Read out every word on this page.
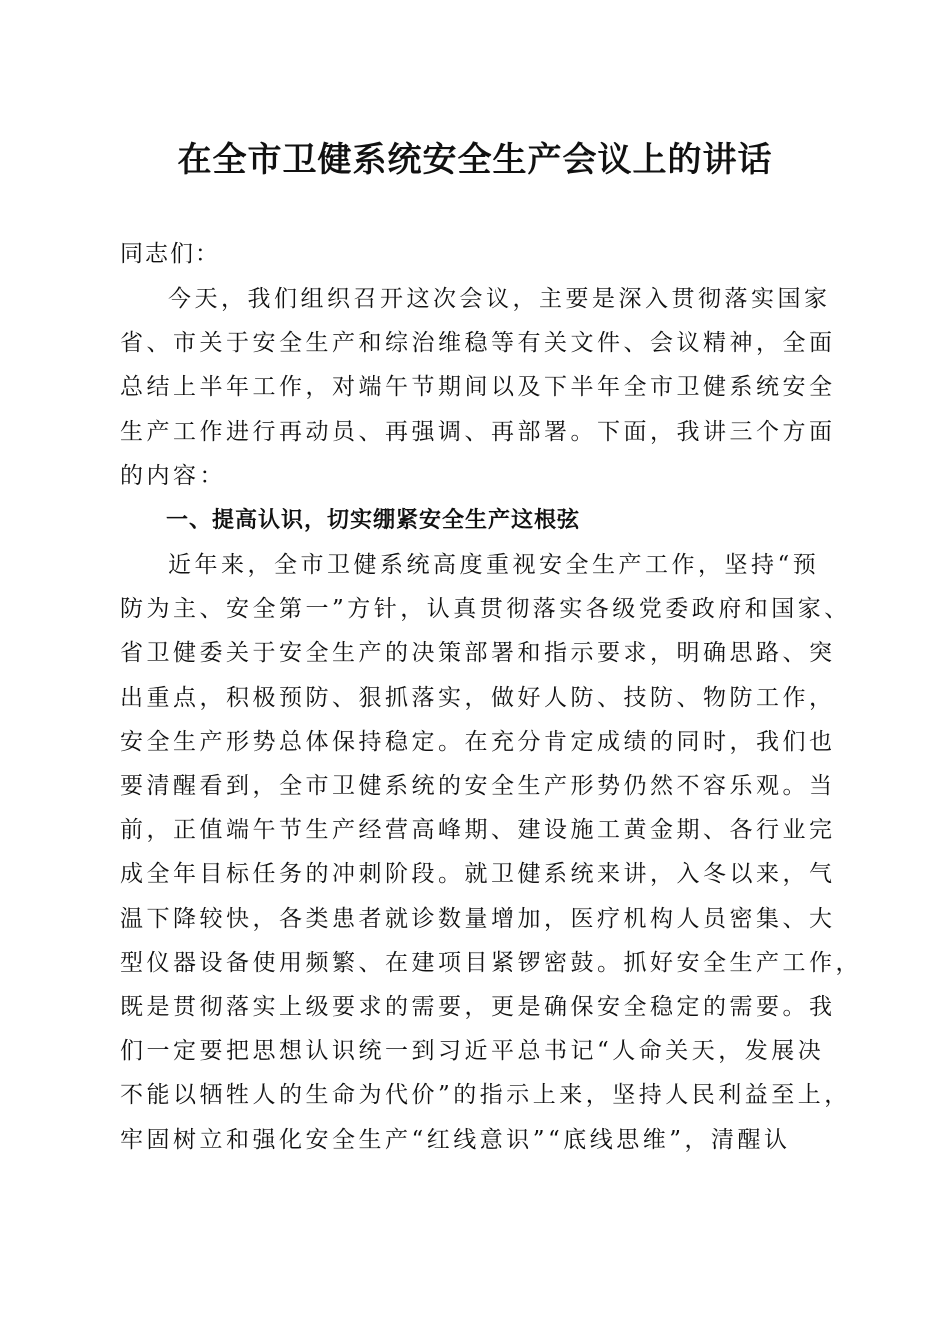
在全市卫健系统安全生产会议上的讲话
同志们：
今天，我们组织召开这次会议，主要是深入贯彻落实国家
省、市关于安全生产和综治维稳等有关文件、会议精神，全面
总结上半年工作，对端午节期间以及下半年全市卫健系统安全
生产工作进行再动员、再强调、再部署。下面，我讲三个方面
的内容：
一、提高认识，切实绷紧安全生产这根弦
近年来，全市卫健系统高度重视安全生产工作，坚持“预
防为主、安全第一”方针，认真贯彻落实各级党委政府和国家、
省卫健委关于安全生产的决策部署和指示要求，明确思路、突
出重点，积极预防、狠抓落实，做好人防、技防、物防工作，
安全生产形势总体保持稳定。在充分肯定成绩的同时，我们也
要清醒看到，全市卫健系统的安全生产形势仍然不容乐观。当
前，正值端午节生产经营高峰期、建设施工黄金期、各行业完
成全年目标任务的冲刺阶段。就卫健系统来讲，入冬以来，气
温下降较快，各类患者就诊数量增加，医疗机构人员密集、大
型仪器设备使用频繁、在建项目紧锣密鼓。抓好安全生产工作，
既是贯彻落实上级要求的需要，更是确保安全稳定的需要。我
们一定要把思想认识统一到习近平总书记“人命关天，发展决
不能以牺牲人的生命为代价”的指示上来，坚持人民利益至上，
牢固树立和强化安全生产“红线意识”“底线思维”，清醒认
